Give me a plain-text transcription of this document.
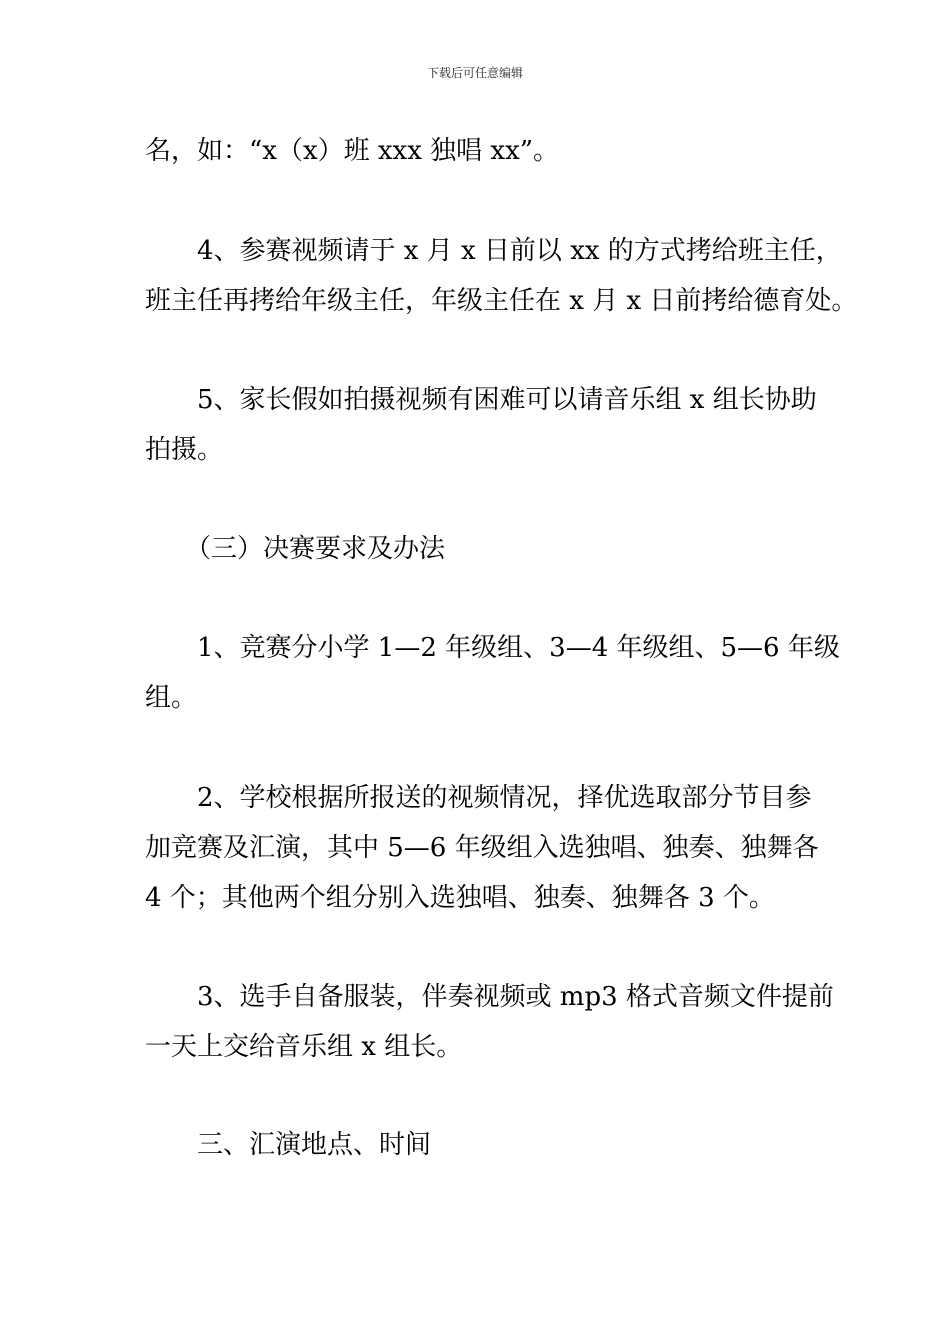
下载后可任意编辑
名，如：“x（x）班 xxx 独唱 xx”。
4、参赛视频请于 x 月 x 日前以 xx 的方式拷给班主任，
班主任再拷给年级主任，年级主任在 x 月 x 日前拷给德育处。
5、家长假如拍摄视频有困难可以请音乐组 x 组长协助
拍摄。
（三）决赛要求及办法
1、竞赛分小学 1—2 年级组、3—4 年级组、5—6 年级
组。
2、学校根据所报送的视频情况，择优选取部分节目参
加竞赛及汇演，其中 5—6 年级组入选独唱、独奏、独舞各
4 个；其他两个组分别入选独唱、独奏、独舞各 3 个。
3、选手自备服装，伴奏视频或 mp3 格式音频文件提前
一天上交给音乐组 x 组长。
三、汇演地点、时间
